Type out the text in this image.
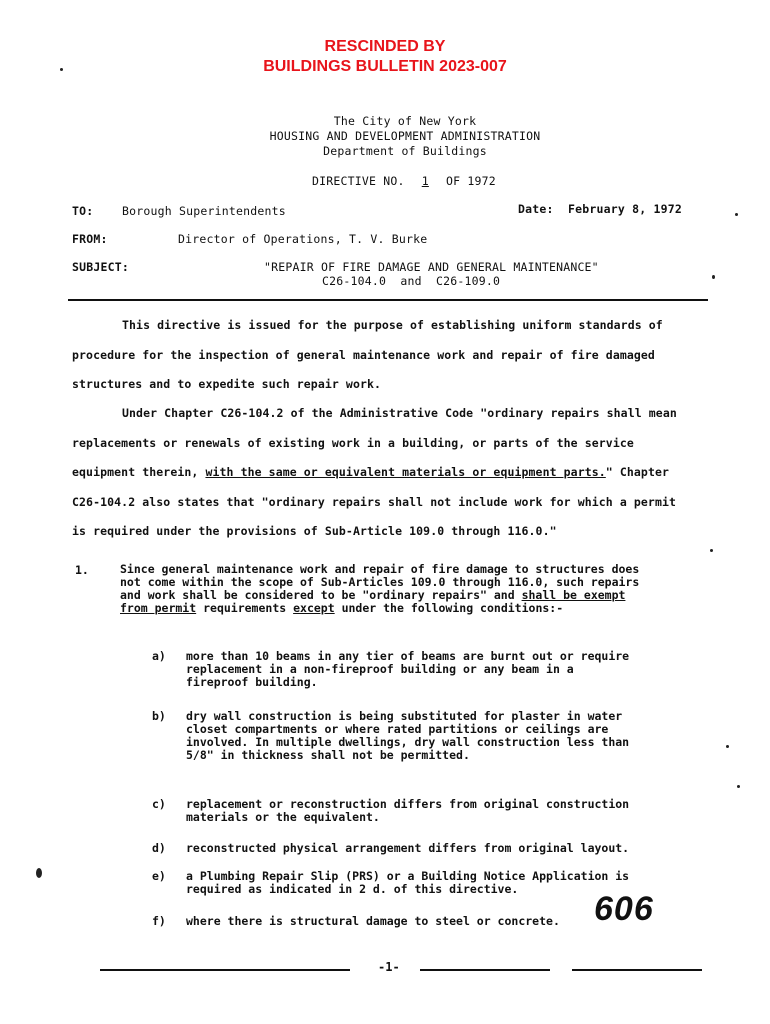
RESCINDED BY
BUILDINGS BULLETIN 2023-007
The City of New York
HOUSING AND DEVELOPMENT ADMINISTRATION
Department of Buildings
DIRECTIVE NO. 1 OF 1972
TO: Borough Superintendents	Date: February 8, 1972
FROM:	Director of Operations, T. V. Burke
SUBJECT:	"REPAIR OF FIRE DAMAGE AND GENERAL MAINTENANCE"
C26-104.0  and  C26-109.0
This directive is issued for the purpose of establishing uniform standards of procedure for the inspection of general maintenance work and repair of fire damaged structures and to expedite such repair work.
Under Chapter C26-104.2 of the Administrative Code "ordinary repairs shall mean replacements or renewals of existing work in a building, or parts of the service equipment therein, with the same or equivalent materials or equipment parts." Chapter C26-104.2 also states that "ordinary repairs shall not include work for which a permit is required under the provisions of Sub-Article 109.0 through 116.0."
1.	Since general maintenance work and repair of fire damage to structures does not come within the scope of Sub-Articles 109.0 through 116.0, such repairs and work shall be considered to be "ordinary repairs" and shall be exempt from permit requirements except under the following conditions:-
a)	more than 10 beams in any tier of beams are burnt out or require replacement in a non-fireproof building or any beam in a fireproof building.
b)	dry wall construction is being substituted for plaster in water closet compartments or where rated partitions or ceilings are involved. In multiple dwellings, dry wall construction less than 5/8" in thickness shall not be permitted.
c)	replacement or reconstruction differs from original construction materials or the equivalent.
d)	reconstructed physical arrangement differs from original layout.
e)	a Plumbing Repair Slip (PRS) or a Building Notice Application is required as indicated in 2 d. of this directive.
f)	where there is structural damage to steel or concrete.	606
-1-
